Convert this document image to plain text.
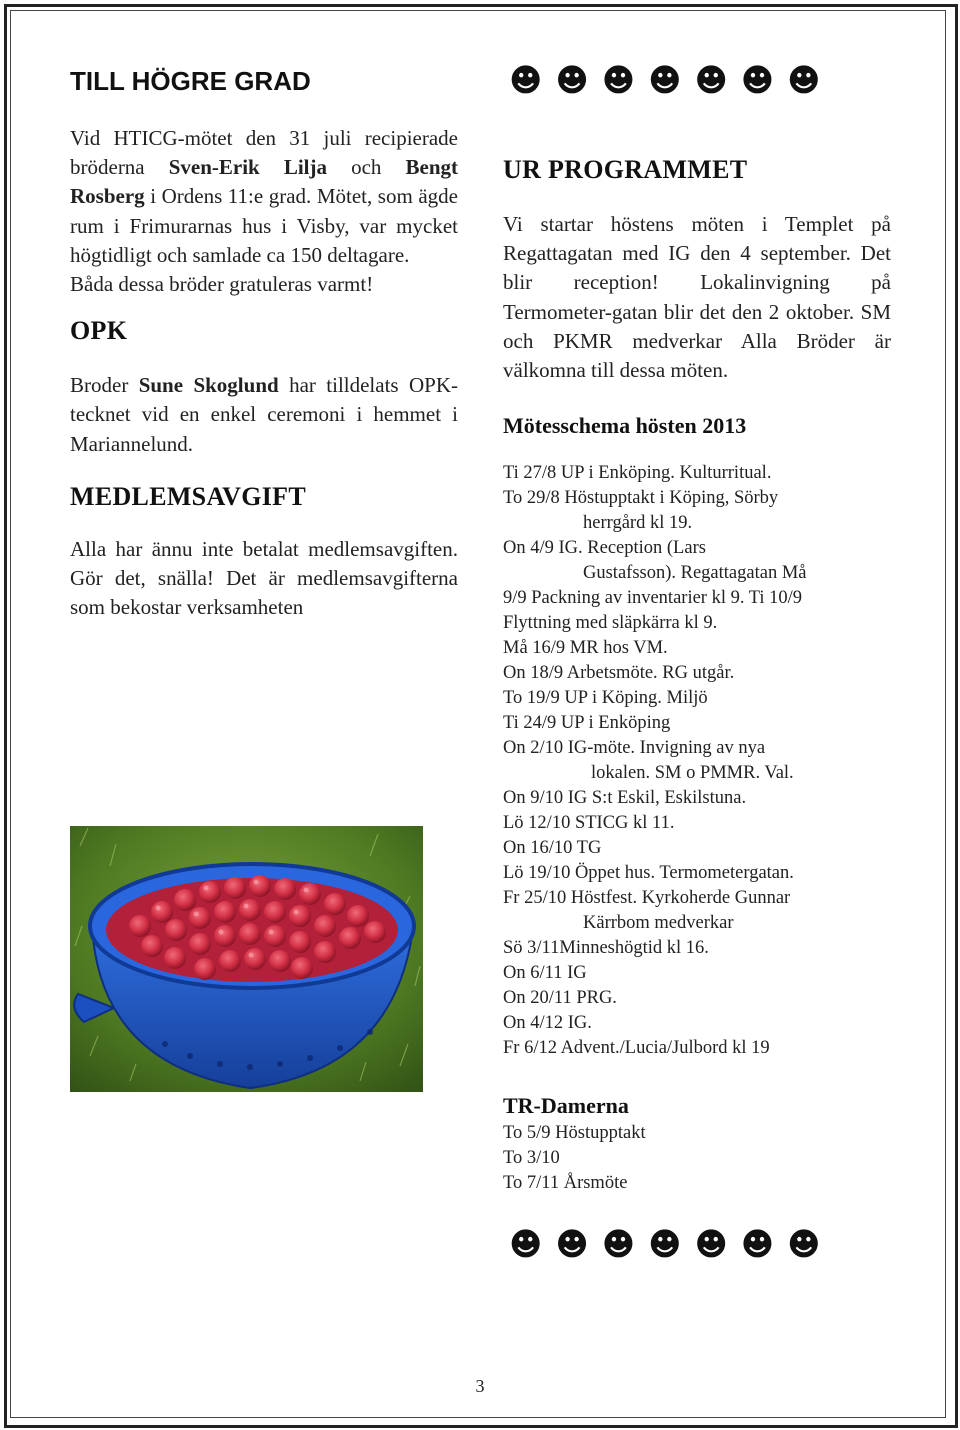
TILL HÖGRE GRAD

Vid HTICG-mötet den 31 juli recipierade bröderna Sven-Erik Lilja och Bengt Rosberg i Ordens 11:e grad. Mötet, som ägde rum i Frimurarnas hus i Visby, var mycket högtidligt och samlade ca 150 deltagare.

Båda dessa bröder gratuleras varmt!

OPK

Broder Sune Skoglund har tilldelats OPK-tecknet vid en enkel ceremoni i hemmet i Mariannelund.

MEDLEMSAVGIFT

Alla har ännu inte betalat medlemsavgiften. Gör det, snälla! Det är medlemsavgifterna som bekostar verksamheten

☻☻☻☻☻☻☻
UR PROGRAMMET

Vi startar höstens möten i Templet på Regattagatan med IG den 4 september. Det blir reception! Lokalinvigning på Termometer-gatan blir det den 2 oktober. SM och PKMR medverkar Alla Bröder är välkomna till dessa möten.

Mötesschema hösten 2013
Ti 27/8 UP i Enköping. Kulturritual.
To 29/8 Höstupptakt i Köping, Sörby
herrgård kl 19.
On 4/9 IG. Reception (Lars
Gustafsson). Regattagatan Må
9/9 Packning av inventarier kl 9. Ti 10/9
Flyttning med släpkärra kl 9.
Må 16/9 MR hos VM.
On 18/9 Arbetsmöte. RG utgår.
To 19/9 UP i Köping. Miljö
Ti 24/9 UP i Enköping
On 2/10 IG-möte. Invigning av nya
lokalen. SM o PMMR. Val.
On 9/10 IG S:t Eskil, Eskilstuna.
Lö 12/10 STICG kl 11.
On 16/10 TG
Lö 19/10 Öppet hus. Termometergatan.
Fr 25/10 Höstfest. Kyrkoherde Gunnar
Kärrbom medverkar
Sö 3/11Minneshögtid kl 16.
On 6/11 IG
On 20/11 PRG.
On 4/12 IG.
Fr 6/12 Advent./Lucia/Julbord kl 19
TR-Damerna
To 5/9 Höstupptakt
To 3/10
To 7/11 Årsmöte
☻☻☻☻☻☻☻
3
